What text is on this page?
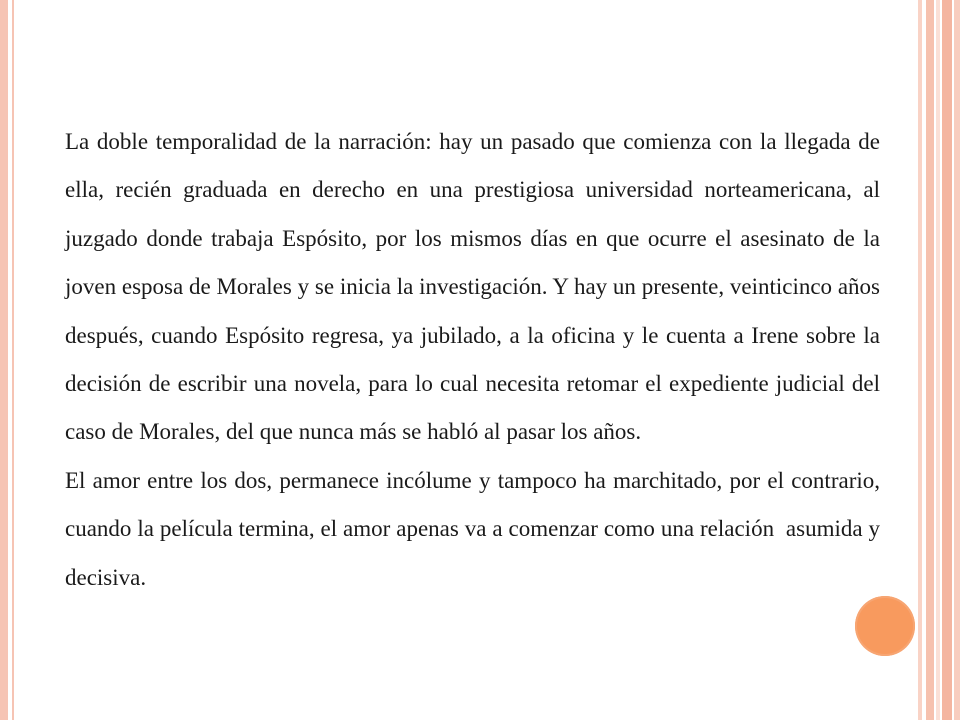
La doble temporalidad de la narración: hay un pasado que comienza con la llegada de ella, recién graduada en derecho en una prestigiosa universidad norteamericana, al juzgado donde trabaja Espósito, por los mismos días en que ocurre el asesinato de la joven esposa de Morales y se inicia la investigación. Y hay un presente, veinticinco años después, cuando Espósito regresa, ya jubilado, a la oficina y le cuenta a Irene sobre la decisión de escribir una novela, para lo cual necesita retomar el expediente judicial del caso de Morales, del que nunca más se habló al pasar los años.

El amor entre los dos, permanece incólume y tampoco ha marchitado, por el contrario,  cuando la película termina, el amor apenas va a comenzar como una relación  asumida y decisiva.
